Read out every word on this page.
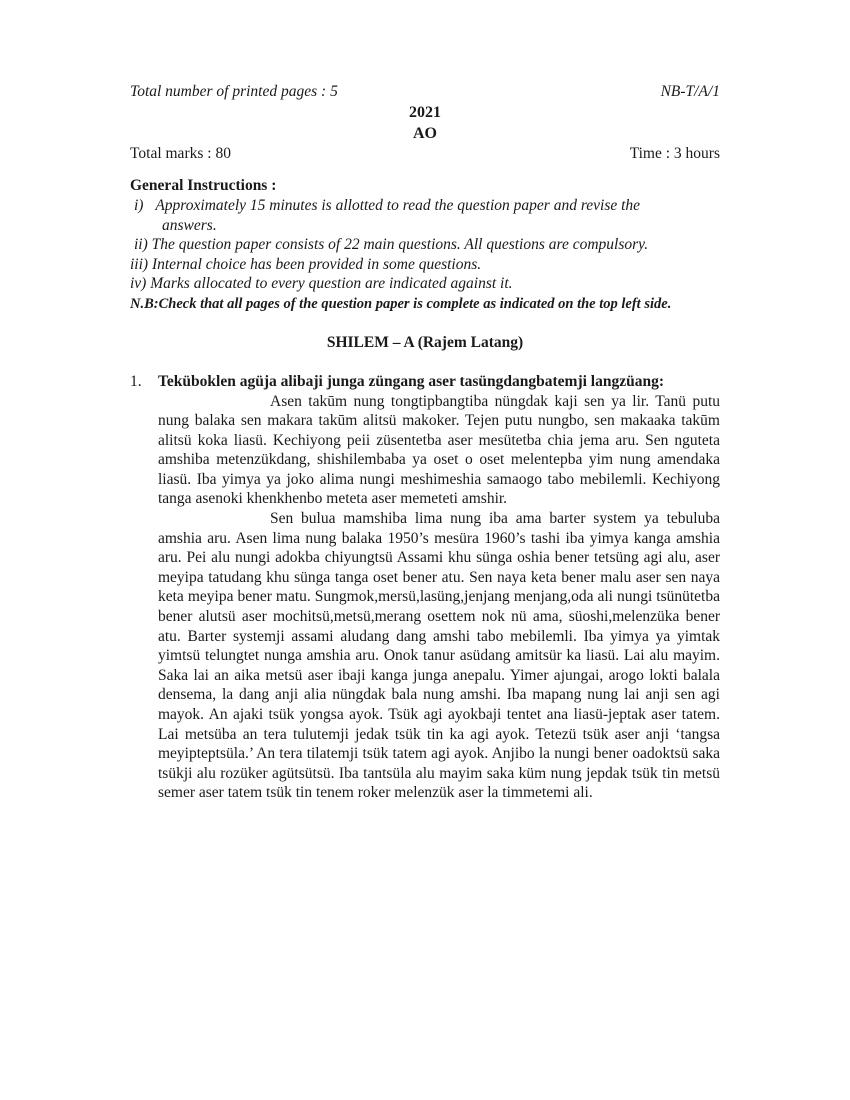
Total number of printed pages : 5	NB-T/A/1
2021
AO
Total marks : 80	Time : 3 hours
General Instructions :
i) Approximately 15 minutes is allotted to read the question paper and revise the
answers.
ii) The question paper consists of 22 main questions. All questions are compulsory.
iii) Internal choice has been provided in some questions.
iv) Marks allocated to every question are indicated against it.
N.B:Check that all pages of the question paper is complete as indicated on the top left side.
SHILEM – A (Rajem Latang)
1. Teküboklen agüja alibaji junga züngang aser tasüngdangbatemji langzüang:

Asen takūm nung tongtipbangtiba nüngdak kaji sen ya lir. Tanü putu nung balaka sen makara takūm alitsü makoker. Tejen putu nungbo, sen makaaka takūm alitsü koka liasü. Kechiyong peii züsentetba aser mesütetba chia jema aru. Sen nguteta amshiba metenzükdang, shishilembaba ya oset o oset melentepba yim nung amendaka liasü. Iba yimya ya joko alima nungi meshimeshia samaogo tabo mebilemli. Kechiyong tanga asenoki khenkhenbo meteta aser memeteti amshir.

Sen bulua mamshiba lima nung iba ama barter system ya tebuluba amshia aru. Asen lima nung balaka 1950’s mesüra 1960’s tashi iba yimya kanga amshia aru. Pei alu nungi adokba chiyungtsü Assami khu sünga oshia bener tetsüng agi alu, aser meyipa tatudang khu sünga tanga oset bener atu. Sen naya keta bener malu aser sen naya keta meyipa bener matu. Sungmok,mersü,lasüng,jenjang menjang,oda ali nungi tsünütetba bener alutsü aser mochitsü,metsü,merang osettem nok nü ama, süoshi,melenzüka bener atu. Barter systemji assami aludang dang amshi tabo mebilemli. Iba yimya ya yimtak yimtsü telungtet nunga amshia aru. Onok tanur asüdang amitsür ka liasü. Lai alu mayim. Saka lai an aika metsü aser ibaji kanga junga anepalu. Yimer ajungai, arogo lokti balala densema, la dang anji alia nüngdak bala nung amshi. Iba mapang nung lai anji sen agi mayok. An ajaki tsük yongsa ayok. Tsük agi ayokbaji tentet ana liasü-jeptak aser tatem. Lai metsüba an tera tulutemji jedak tsük tin ka agi ayok. Tetezü tsük aser anji ‘tangsa meyipteptsüla.’ An tera tilatemji tsük tatem agi ayok. Anjibo la nungi bener oadoktsü saka tsükji alu rozüker agütsütsü. Iba tantsüla alu mayim saka küm nung jepdak tsük tin metsü semer aser tatem tsük tin tenem roker melenzük aser la timmetemi ali.
